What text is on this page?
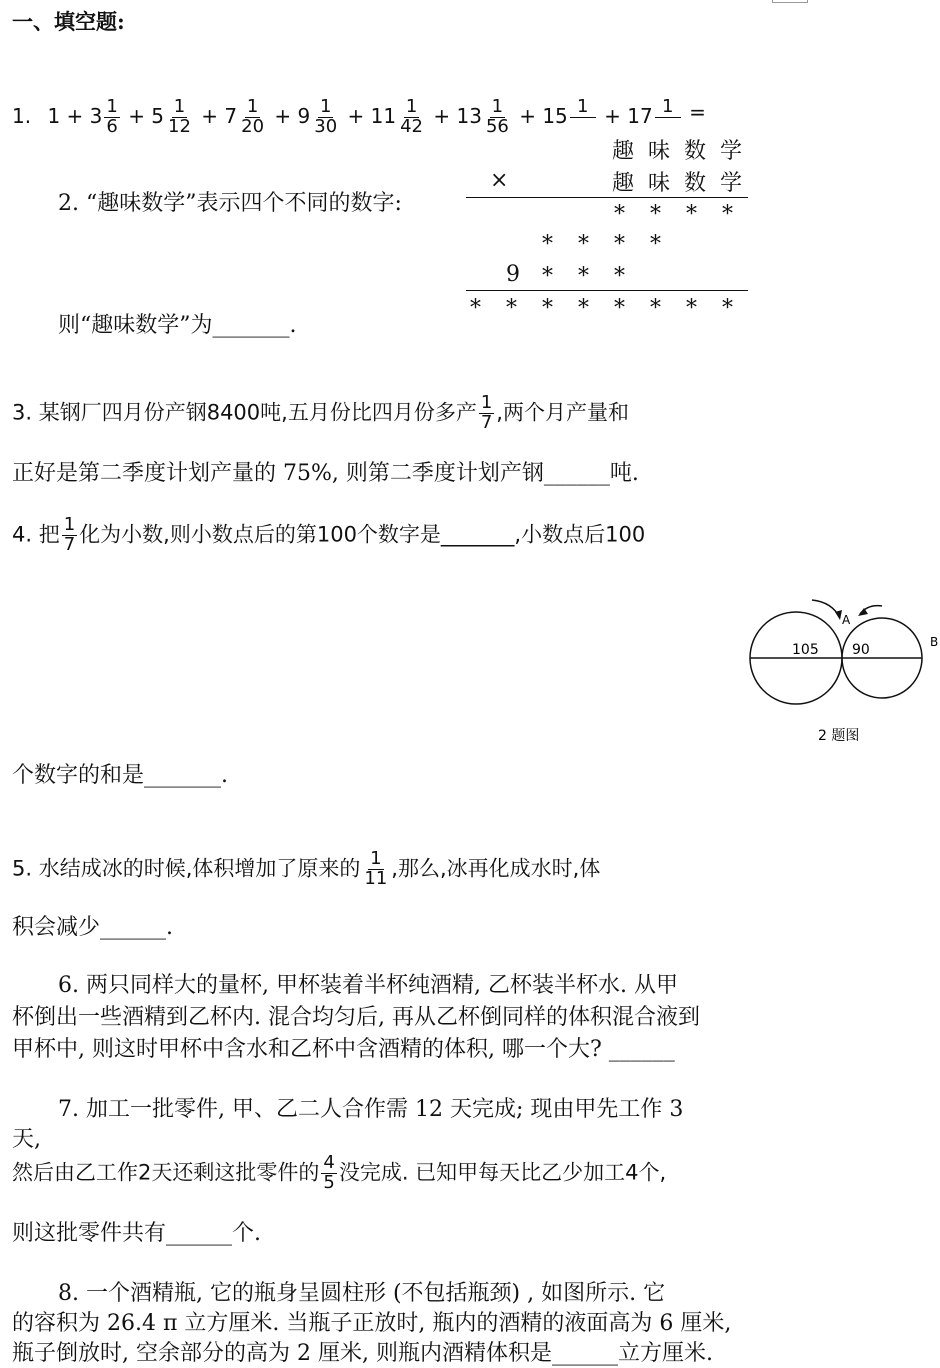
一、填空题:
1. $1 + 3 \frac{1}{6} + 5 \frac{1}{12} + 7 \frac{1}{20} + 9 \frac{1}{30} + 11 \frac{1}{42} + 13 \frac{1}{56} + 15$ 1 + 17 1 =
2. “趣味数学”表示四个不同的数字:
则“趣味数学”为_______.
趣 味 数 学
×	趣 味 数 学
* * * *
* * * *
9 * * *
* * * * * * * *
3. 某钢厂四月份产钢8400吨,五月份比四月份多产 $\frac{1}{7}$ ,两个月产量和
正好是第二季度计划产量的 75%, 则第二季度计划产钢______吨.
4. 把 $\frac{1}{7}$ 化为小数,则小数点后的第100个数字是_______,小数点后100
个数字的和是_______.
105 90
A
B
2 题图
5. 水结成冰的时候,体积增加了原来的 $\frac{1}{11}$ ,那么,冰再化成水时,体
积会减少______.
6. 两只同样大的量杯, 甲杯装着半杯纯酒精, 乙杯装半杯水. 从甲
杯倒出一些酒精到乙杯内. 混合均匀后, 再从乙杯倒同样的体积混合液到
甲杯中, 则这时甲杯中含水和乙杯中含酒精的体积, 哪一个大? ______
7. 加工一批零件, 甲、乙二人合作需 12 天完成; 现由甲先工作 3
天,
然后由乙工作2天还剩这批零件的 $\frac{4}{5}$ 没完成. 已知甲每天比乙少加工4个,
则这批零件共有______个.
8. 一个酒精瓶, 它的瓶身呈圆柱形 (不包括瓶颈) , 如图所示. 它
的容积为 26.4 π 立方厘米. 当瓶子正放时, 瓶内的酒精的液面高为 6 厘米,
瓶子倒放时, 空余部分的高为 2 厘米, 则瓶内酒精体积是______立方厘米.
